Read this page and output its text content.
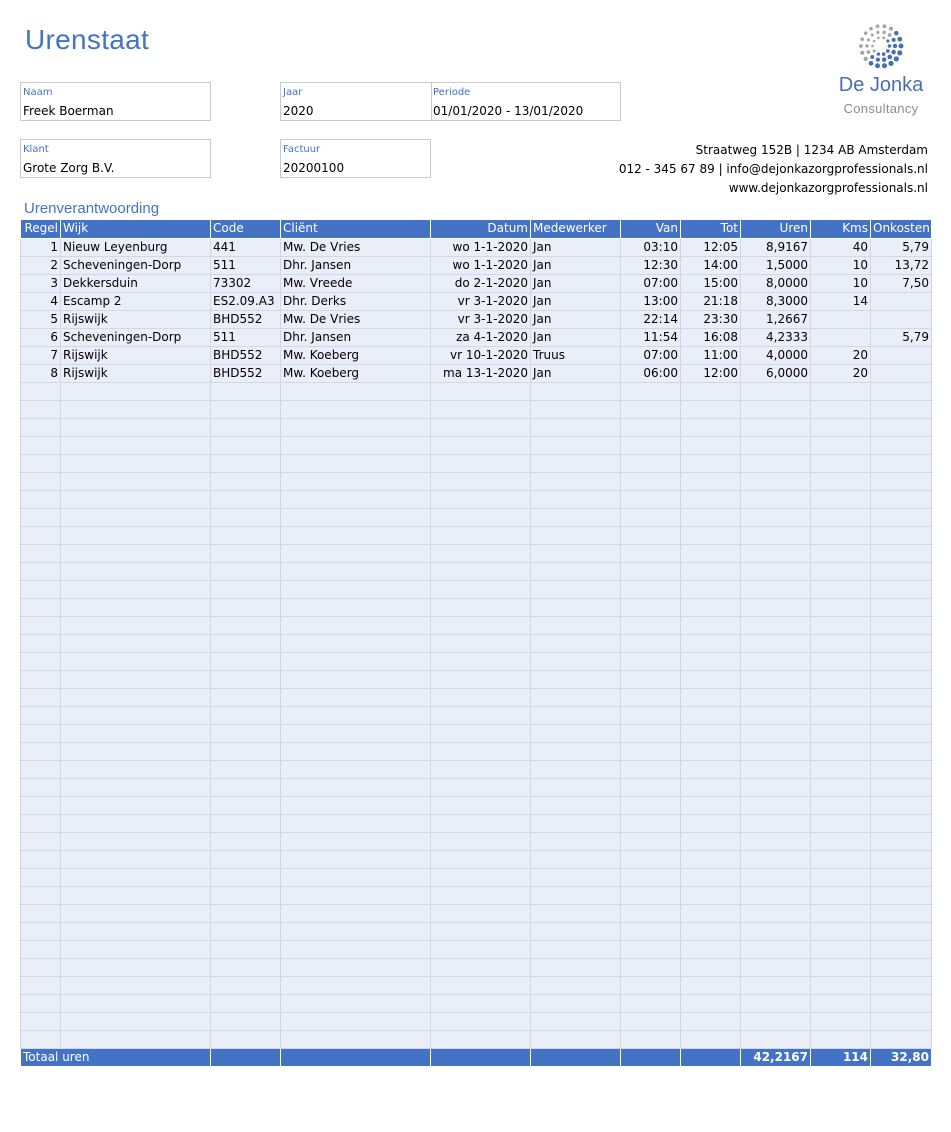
Urenstaat
Naam
Freek Boerman
Jaar
2020
Periode
01/01/2020 - 13/01/2020
Klant
Grote Zorg B.V.
Factuur
20200100
De Jonka
Consultancy
Straatweg 152B | 1234 AB Amsterdam
012 - 345 67 89 | info@dejonkazorgprofessionals.nl
www.dejonkazorgprofessionals.nl
Urenverantwoording
Regel	Wijk	Code	Cliënt	Datum	Medewerker	Van	Tot	Uren	Kms	Onkosten
1	Nieuw Leyenburg	441	Mw. De Vries	wo 1-1-2020	Jan	03:10	12:05	8,9167	40	5,79
2	Scheveningen-Dorp	511	Dhr. Jansen	wo 1-1-2020	Jan	12:30	14:00	1,5000	10	13,72
3	Dekkersduin	73302	Mw. Vreede	do 2-1-2020	Jan	07:00	15:00	8,0000	10	7,50
4	Escamp 2	ES2.09.A3	Dhr. Derks	vr 3-1-2020	Jan	13:00	21:18	8,3000	14	
5	Rijswijk	BHD552	Mw. De Vries	vr 3-1-2020	Jan	22:14	23:30	1,2667		
6	Scheveningen-Dorp	511	Dhr. Jansen	za 4-1-2020	Jan	11:54	16:08	4,2333		5,79
7	Rijswijk	BHD552	Mw. Koeberg	vr 10-1-2020	Truus	07:00	11:00	4,0000	20	
8	Rijswijk	BHD552	Mw. Koeberg	ma 13-1-2020	Jan	06:00	12:00	6,0000	20	

Totaal uren								42,2167	114	32,80
